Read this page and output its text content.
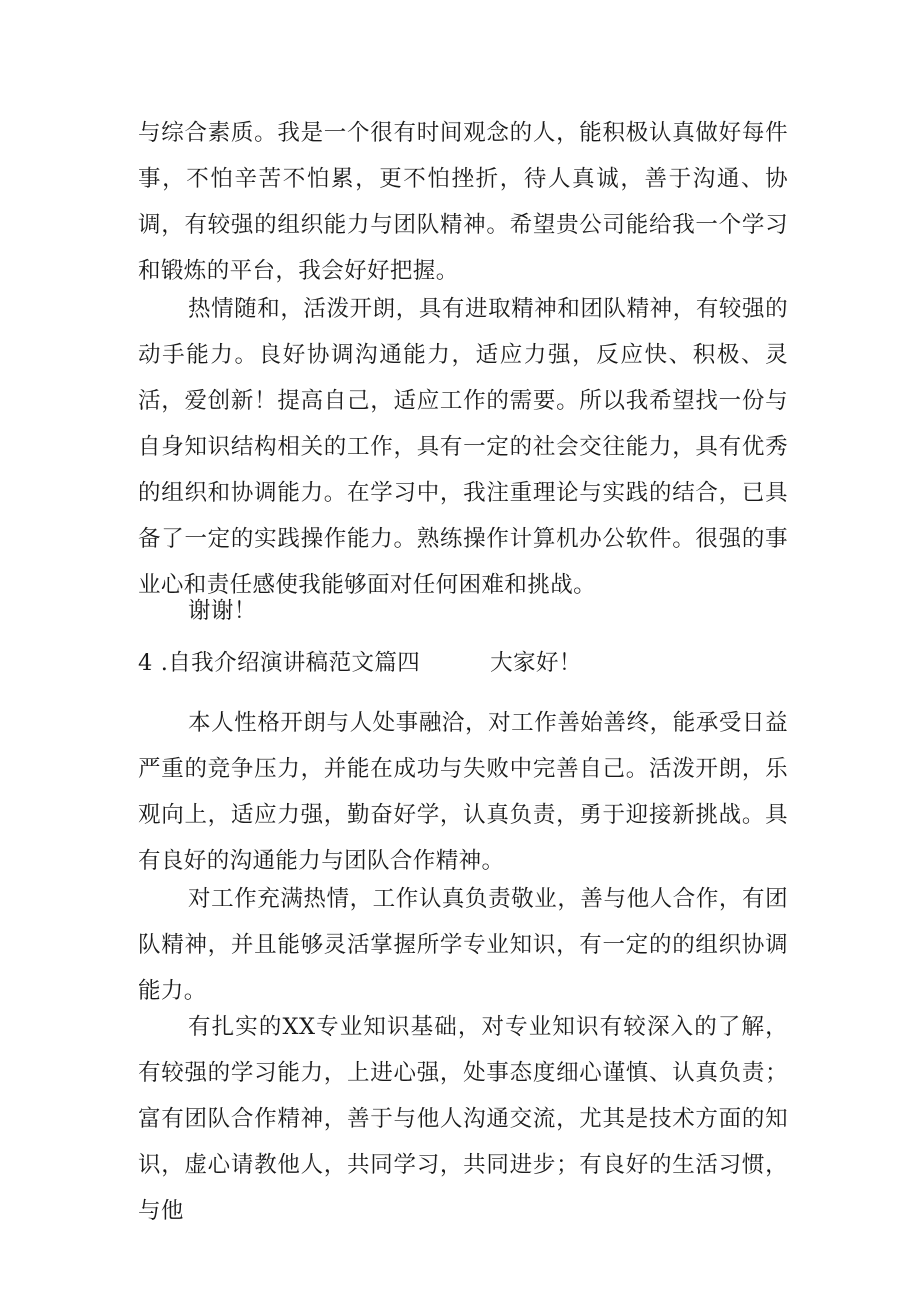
与综合素质。我是一个很有时间观念的人，能积极认真做好每件事，不怕辛苦不怕累，更不怕挫折，待人真诚，善于沟通、协调，有较强的组织能力与团队精神。希望贵公司能给我一个学习和锻炼的平台，我会好好把握。

热情随和，活泼开朗，具有进取精神和团队精神，有较强的动手能力。良好协调沟通能力，适应力强，反应快、积极、灵活，爱创新！提高自己，适应工作的需要。所以我希望找一份与自身知识结构相关的工作，具有一定的社会交往能力，具有优秀的组织和协调能力。在学习中，我注重理论与实践的结合，已具备了一定的实践操作能力。熟练操作计算机办公软件。很强的事业心和责任感使我能够面对任何困难和挑战。

谢谢！

4 .自我介绍演讲稿范文篇四	大家好！

本人性格开朗与人处事融洽，对工作善始善终，能承受日益严重的竞争压力，并能在成功与失败中完善自己。活泼开朗，乐观向上，适应力强，勤奋好学，认真负责，勇于迎接新挑战。具有良好的沟通能力与团队合作精神。

对工作充满热情，工作认真负责敬业，善与他人合作，有团队精神，并且能够灵活掌握所学专业知识，有一定的的组织协调能力。

有扎实的XX专业知识基础，对专业知识有较深入的了解，有较强的学习能力，上进心强，处事态度细心谨慎、认真负责；富有团队合作精神，善于与他人沟通交流，尤其是技术方面的知识，虚心请教他人，共同学习，共同进步；有良好的生活习惯，与他
